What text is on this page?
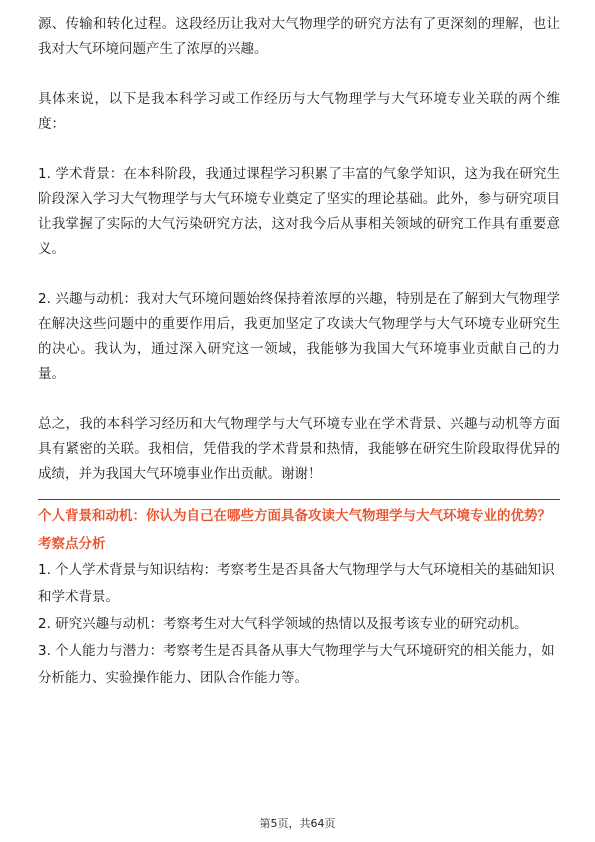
源、传输和转化过程。这段经历让我对大气物理学的研究方法有了更深刻的理解，也让我对大气环境问题产生了浓厚的兴趣。

具体来说，以下是我本科学习或工作经历与大气物理学与大气环境专业关联的两个维度：

1. 学术背景：在本科阶段，我通过课程学习积累了丰富的气象学知识，这为我在研究生阶段深入学习大气物理学与大气环境专业奠定了坚实的理论基础。此外，参与研究项目让我掌握了实际的大气污染研究方法，这对我今后从事相关领域的研究工作具有重要意义。

2. 兴趣与动机：我对大气环境问题始终保持着浓厚的兴趣，特别是在了解到大气物理学在解决这些问题中的重要作用后，我更加坚定了攻读大气物理学与大气环境专业研究生的决心。我认为，通过深入研究这一领域，我能够为我国大气环境事业贡献自己的力量。

总之，我的本科学习经历和大气物理学与大气环境专业在学术背景、兴趣与动机等方面具有紧密的关联。我相信，凭借我的学术背景和热情，我能够在研究生阶段取得优异的成绩，并为我国大气环境事业作出贡献。谢谢！

个人背景和动机：你认为自己在哪些方面具备攻读大气物理学与大气环境专业的优势？

考察点分析

1. 个人学术背景与知识结构：考察考生是否具备大气物理学与大气环境相关的基础知识和学术背景。

2. 研究兴趣与动机：考察考生对大气科学领域的热情以及报考该专业的研究动机。

3. 个人能力与潜力：考察考生是否具备从事大气物理学与大气环境研究的相关能力，如分析能力、实验操作能力、团队合作能力等。

第5页，共64页
